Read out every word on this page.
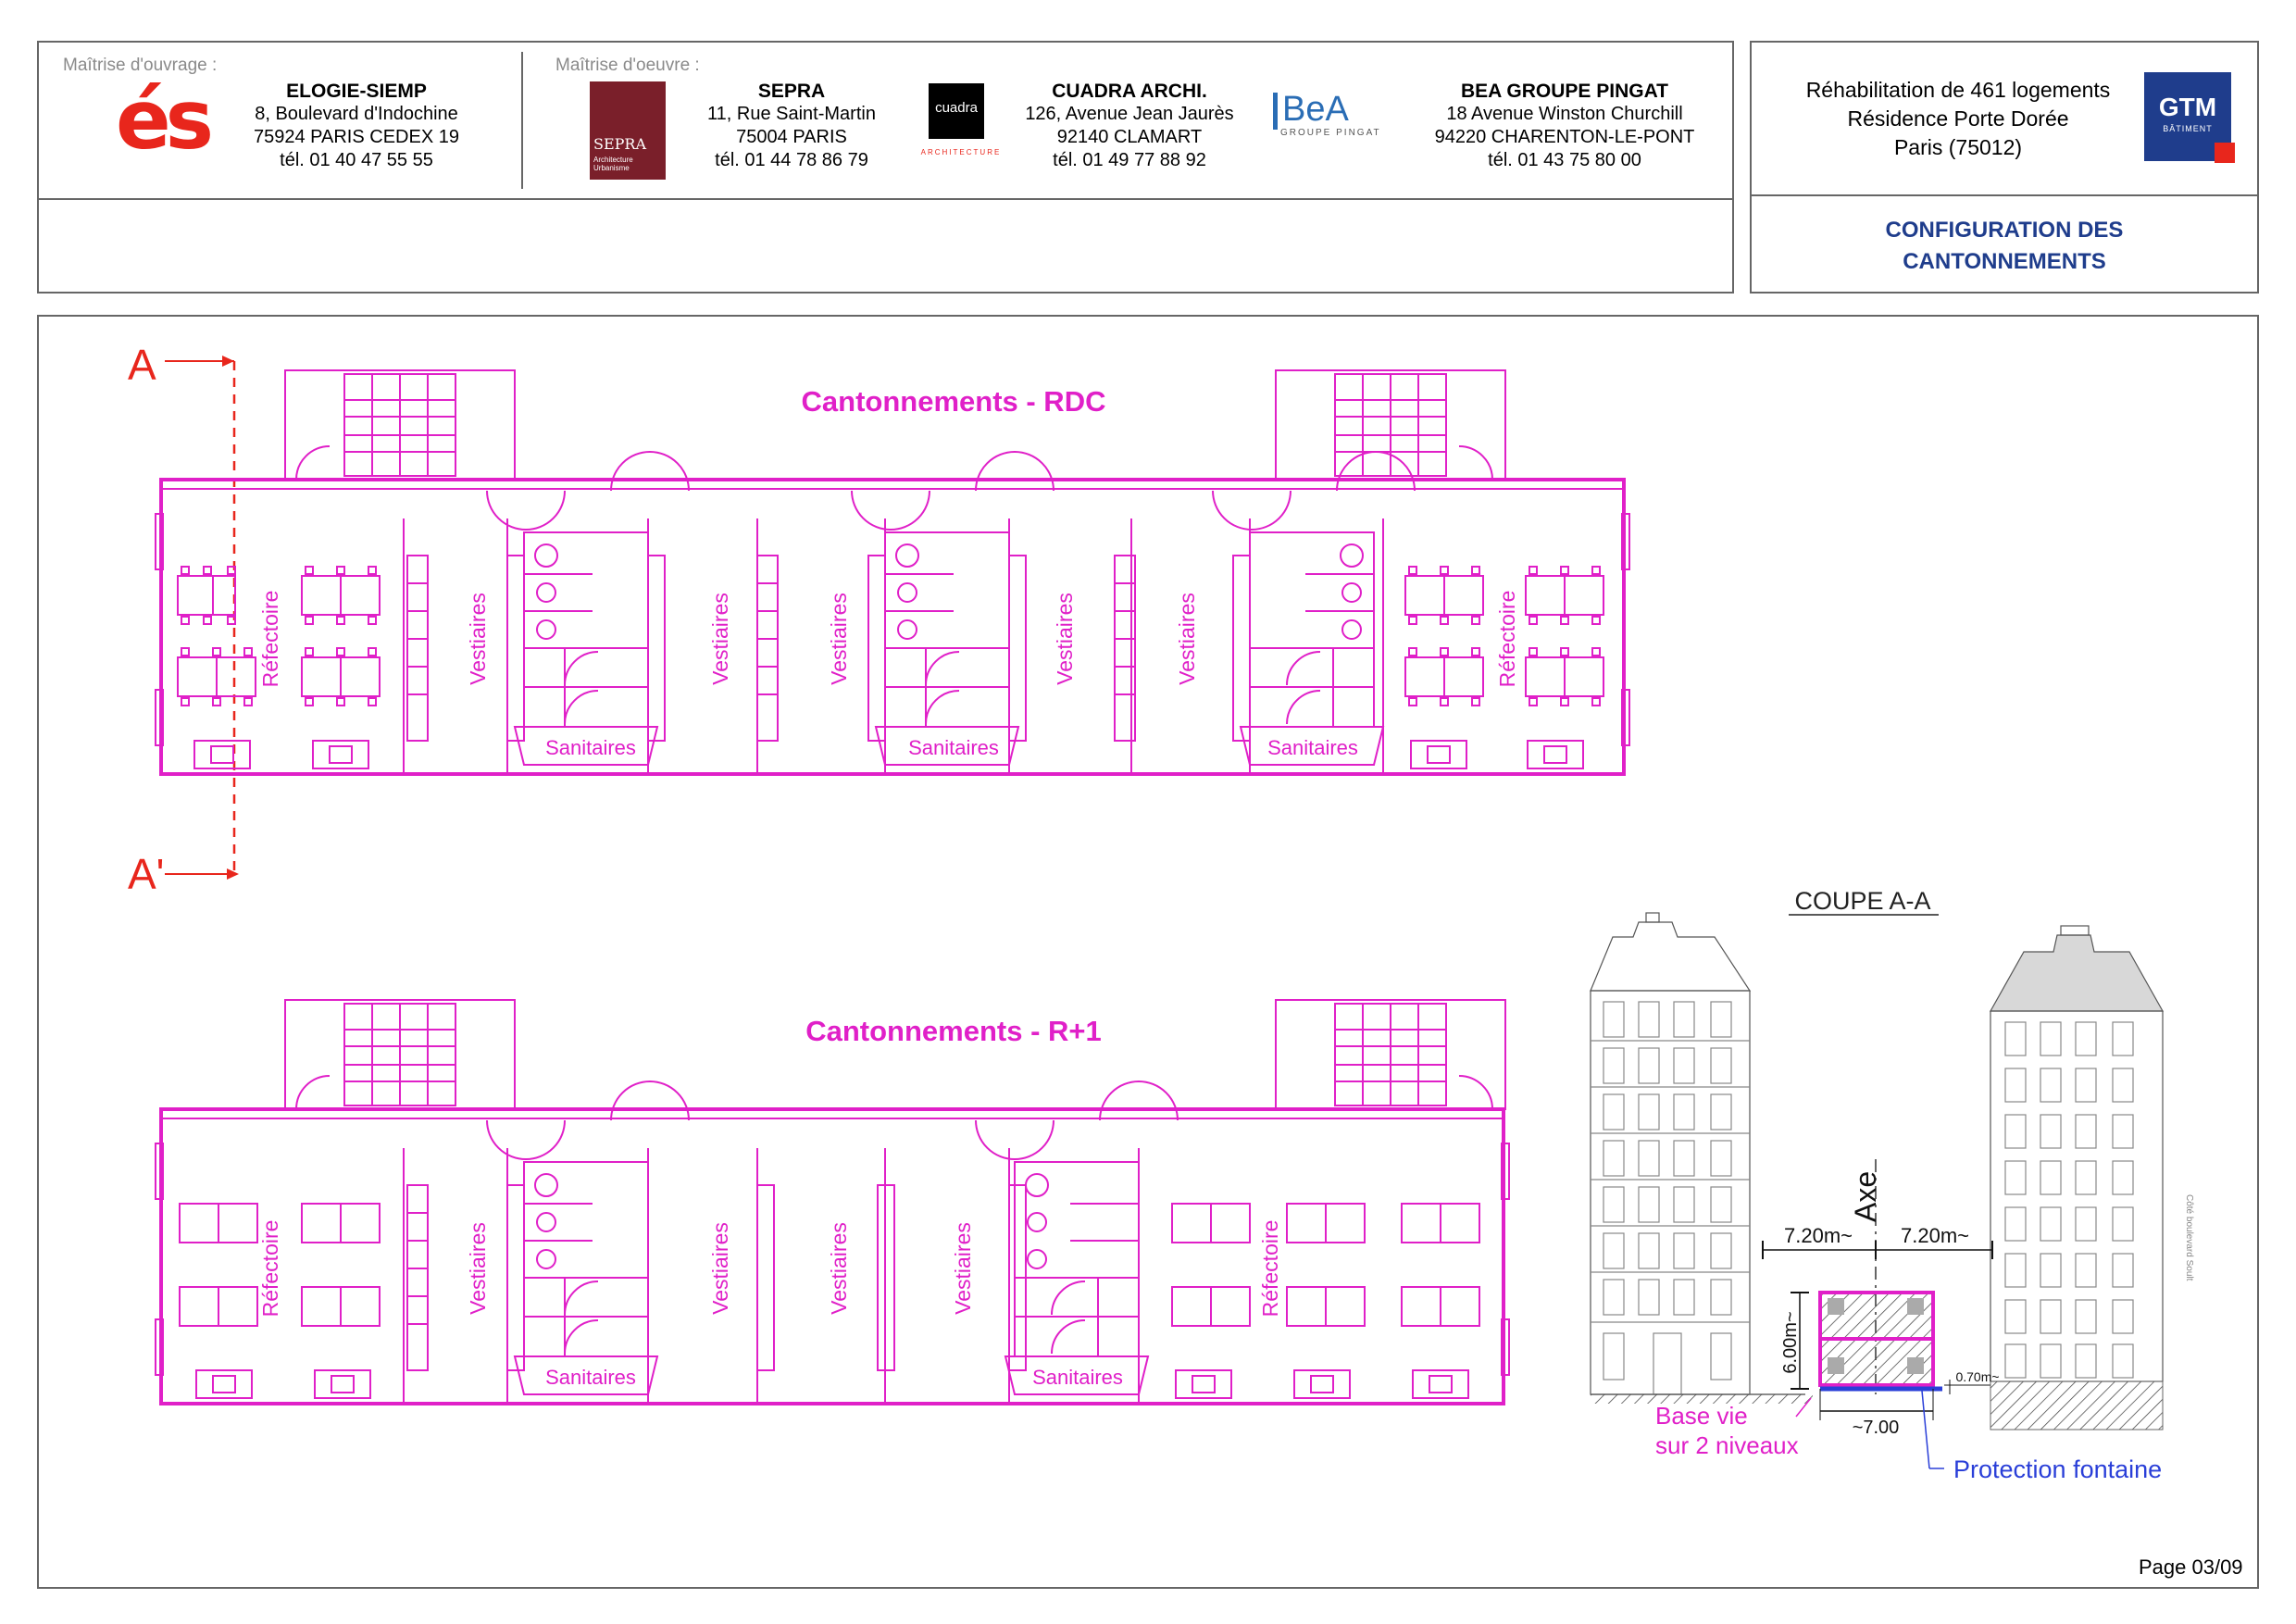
Maîtrise d'ouvrage :	Maîtrise d'oeuvre :
és	ELOGIE-SIEMP
8, Boulevard d'Indochine
75924 PARIS CEDEX 19
tél. 01 40 47 55 55
SEPRA
Architecture Urbanisme
SEPRA
11, Rue Saint-Martin
75004 PARIS
tél. 01 44 78 86 79
cuadra
ARCHITECTURE
CUADRA ARCHI.
126, Avenue Jean Jaurès
92140 CLAMART
tél. 01 49 77 88 92
BeA
GROUPE PINGAT
BEA GROUPE PINGAT
18 Avenue Winston Churchill
94220 CHARENTON-LE-PONT
tél. 01 43 75 80 00
Réhabilitation de 461 logements
Résidence Porte Dorée
Paris (75012)
GTM
BÂTIMENT
CONFIGURATION DES
CANTONNEMENTS
Page 03/09
A
A'
Cantonnements - RDC
Réfectoire	Vestiaires	Vestiaires	Vestiaires	Vestiaires	Vestiaires	Réfectoire
Sanitaires	Sanitaires	Sanitaires
Cantonnements - R+1
Réfectoire	Vestiaires	Vestiaires	Vestiaires	Vestiaires	Réfectoire
Sanitaires	Sanitaires
COUPE A-A
Côté boulevard Soult
Axe
7.20m~ 7.20m~
6.00m~
~7.00
0.70m~
Base vie
sur 2 niveaux
Protection fontaine
